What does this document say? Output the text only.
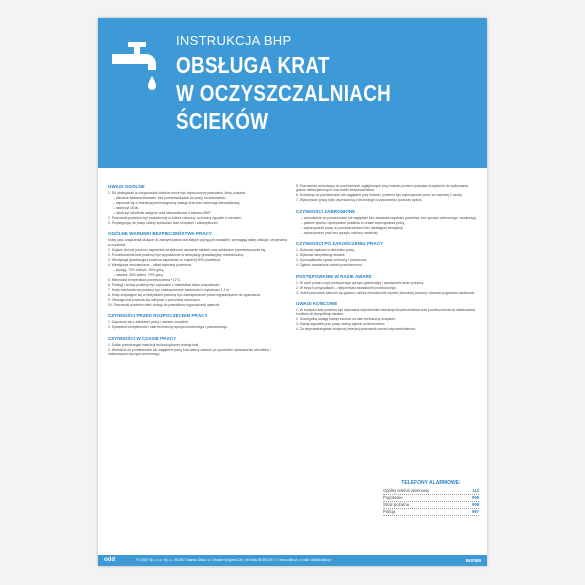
INSTRUKCJA BHP
OBSŁUGA KRAT
W OCZYSZCZALNIACH
ŚCIEKÓW
UWAGI OGÓLNE
1. Do obsługiwań w oczyszczalni ścieków może być dopuszczony pracownik, który posiada:
– aktualne badania lekarskie, bez przeciwwskazań do pracy na stanowisku,
– zapoznał się z instrukcją technologiczną obsługi krat oraz instrukcją stanowiskową,
– ukończył 18 lat,
– ukończył szkolenie wstępne oraz stanowiskowe z zakresu BHP.
2. Pracownik powinien być zaopatrzony w odzież roboczą i ochronną zgodnie z normami.
3. Przystępując do pracy należy sprawdzić stan urządzeń i zabezpieczeń.
OGÓLNE WARUNKI BEZPIECZEŃSTWA PRACY
Kraty, jako urządzenia służące do zatrzymywania ciał stałych płynących kanałami, wymagają stałej obsługi i utrzymania w czystości.
1. Dojście do krat powinno zapewniać bezpieczne usuwanie skratek oraz swobodne przemieszczanie się.
2. Pomieszczenia krat powinny być wyposażone w wentylację grawitacyjną i mechaniczną.
3. Wentylacja grawitacyjna powinna zapewniać co najmniej 50% powietrza.
4. Wentylacja mechaniczna – układ wymiany powietrza:
– wyciąg: 70% dolnym, 30% górą,
– nawiew: 30% dołem, 70% górą.
5. Minimalna temperatura pomieszczenia +12°C.
6. Podłogi i ściany powinny być wykonane z materiałów łatwo zmywalnych.
7. Kraty mechaniczne powinny być zabezpieczone barierkami o wysokości 1,1 m.
8. Kraty znajdujące się w budynkach powinny być zabezpieczone przed wypadnięciem do zgarniacza.
9. Obsługa krat powinna się odbywać z pomostów roboczych.
10. Pracownik powinien mieć dostęp do prawidłowo wyposażonej apteczki.
CZYNNOŚCI PRZED ROZPOCZĘCIEM PRACY
1. Zapoznać się z zakresem pracy i stanem urządzeń.
2. Sprawdzić kompletność i stan techniczny sprzętu kontrolnego i pomiarowego.
CZYNNOŚCI W CZASIE PRACY
1. Ściśle przestrzegać instrukcji technologicznej obsługi krat.
2. Wchodzić do pomieszczeń lub zagłębień pracy krat należy zawsze po uprzednim sprawdzeniu atmosfery i zastosowaniu sprzętu ochronnego.
5. Pracownicy wchodzący do pomieszczeń zagłębionych przy kratach powinni posiadać urządzenie do wykrywania gazów niebezpiecznych oraz szelki bezpieczeństwa.
6. Schodząc do pomieszczeń lub zagłębień przy kratach, powinno być wykonywane przez co najmniej 2 osoby.
7. Wykonywać pracę tylko wyznaczoną z technologii oczyszczania i podczas dyżuru.
CZYNNOŚCI ZABRONIONE
– wchodzenie do pomieszczeń lub zagłębień bez zbadania czystości powietrza, bez sprzętu ochronnego i asekuracji,
– palenie tytoniu i spożywanie posiłków w czasie wykonywania pracy,
– wykonywanie pracy w pomieszczeniach bez działającej wentylacji,
– wykonywanie prac bez sprzętu ochrony osobistej.
CZYNNOŚCI PO ZAKOŃCZENIU PRACY
1. Dokonać zapisów w dzienniku pracy.
2. Wykonać dezynfekcję skratek.
3. Uporządkować sprzęt ochronny i pomiarowy.
4. Zgłosić zauważone usterki przełożonemu.
POSTĘPOWANIE W RAZIE AWARII
1. W razie pożaru użyć podręcznego sprzętu gaśniczego i zawiadomić straż pożarną.
2. W innych przypadkach – natychmiast zawiadomić przełożonego.
3. Jeżeli pracownik zatrucie się gazami, należy niezwłocznie udzielić pierwszej pomocy i wezwać pogotowie ratunkowe.
UWAGI KOŃCOWE
1. W budynku krat powinna być wykonana odpowiednia instrukcja bezpieczeństwa oraz pomieszczenia do składowania środków do dezynfekcji skratek.
2. Szczególną uwagę należy zwrócić na stan techniczny urządzeń.
3. Każdy wypadek przy pracy należy zgłosić przełożonemu.
4. Za nieprzestrzeganie niniejszej instrukcji pracownik ponosi odpowiedzialność.
TELEFONY ALARMOWE:
Ogólny telefon alarmowy	112
Pogotowie	999
Straż pożarna	998
Policja	997
odd	© ODDK Sp. z o.o. Sp. k. • 80-557 Gdańsk-Oliwa, ul. Oliwskie Wzgórza 126 • tel./faks 58 554 29 17 • www.oddk.pl • e-mail: oddk@oddk.pl	INS089
